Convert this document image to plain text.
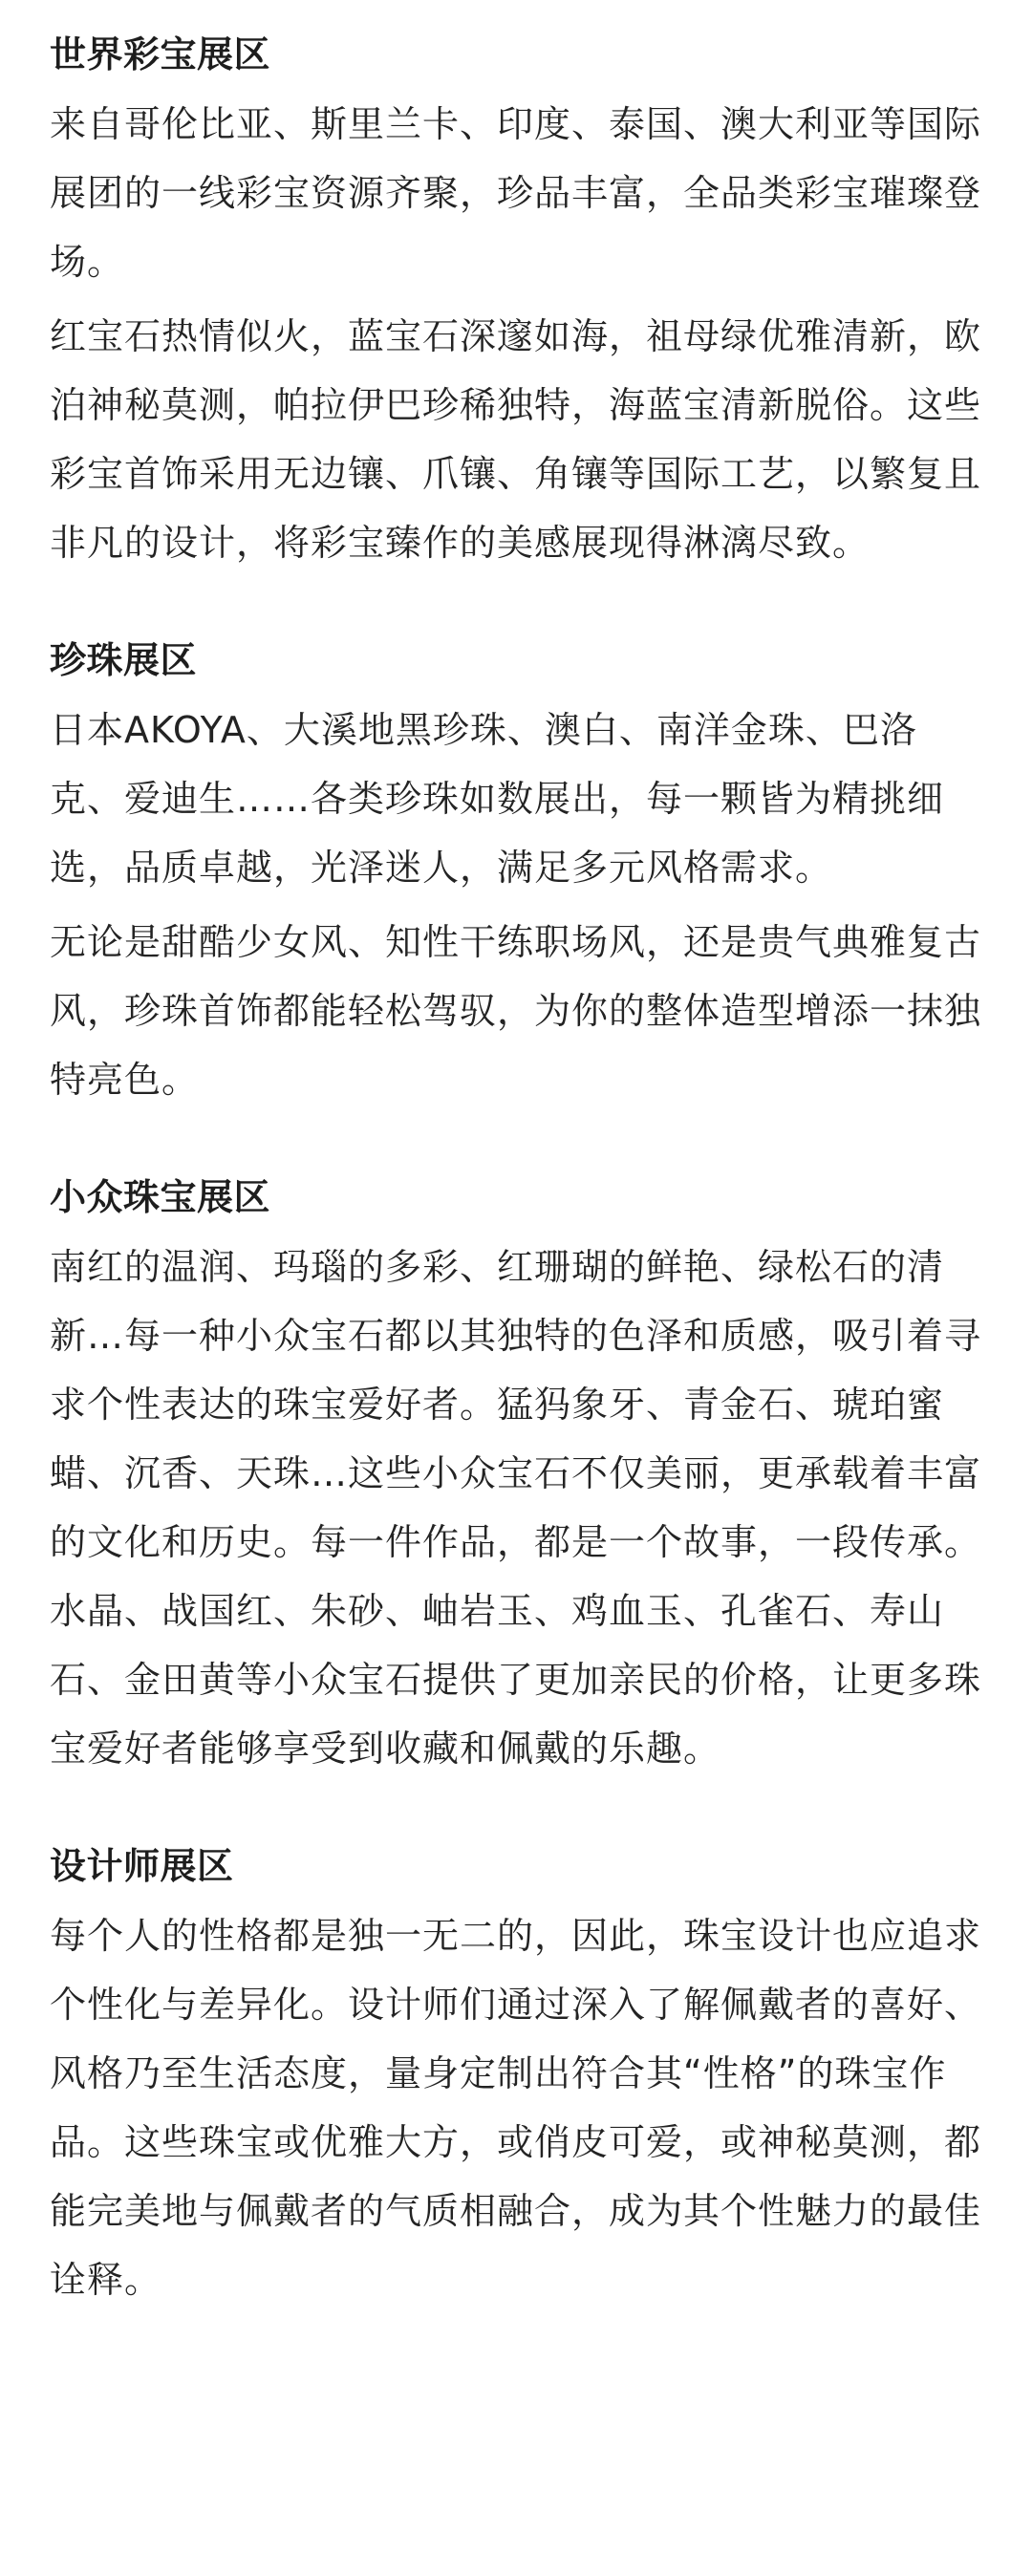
世界彩宝展区

来自哥伦比亚、斯里兰卡、印度、泰国、澳大利亚等国际展团的一线彩宝资源齐聚，珍品丰富，全品类彩宝璀璨登场。

红宝石热情似火，蓝宝石深邃如海，祖母绿优雅清新，欧泊神秘莫测，帕拉伊巴珍稀独特，海蓝宝清新脱俗。这些彩宝首饰采用无边镶、爪镶、角镶等国际工艺，以繁复且非凡的设计，将彩宝臻作的美感展现得淋漓尽致。

珍珠展区

日本AKOYA、大溪地黑珍珠、澳白、南洋金珠、巴洛克、爱迪生……各类珍珠如数展出，每一颗皆为精挑细选，品质卓越，光泽迷人，满足多元风格需求。

无论是甜酷少女风、知性干练职场风，还是贵气典雅复古风，珍珠首饰都能轻松驾驭，为你的整体造型增添一抹独特亮色。

小众珠宝展区

南红的温润、玛瑙的多彩、红珊瑚的鲜艳、绿松石的清新…每一种小众宝石都以其独特的色泽和质感，吸引着寻求个性表达的珠宝爱好者。猛犸象牙、青金石、琥珀蜜蜡、沉香、天珠…这些小众宝石不仅美丽，更承载着丰富的文化和历史。每一件作品，都是一个故事，一段传承。水晶、战国红、朱砂、岫岩玉、鸡血玉、孔雀石、寿山石、金田黄等小众宝石提供了更加亲民的价格，让更多珠宝爱好者能够享受到收藏和佩戴的乐趣。

设计师展区

每个人的性格都是独一无二的，因此，珠宝设计也应追求个性化与差异化。设计师们通过深入了解佩戴者的喜好、风格乃至生活态度，量身定制出符合其“性格”的珠宝作品。这些珠宝或优雅大方，或俏皮可爱，或神秘莫测，都能完美地与佩戴者的气质相融合，成为其个性魅力的最佳诠释。
